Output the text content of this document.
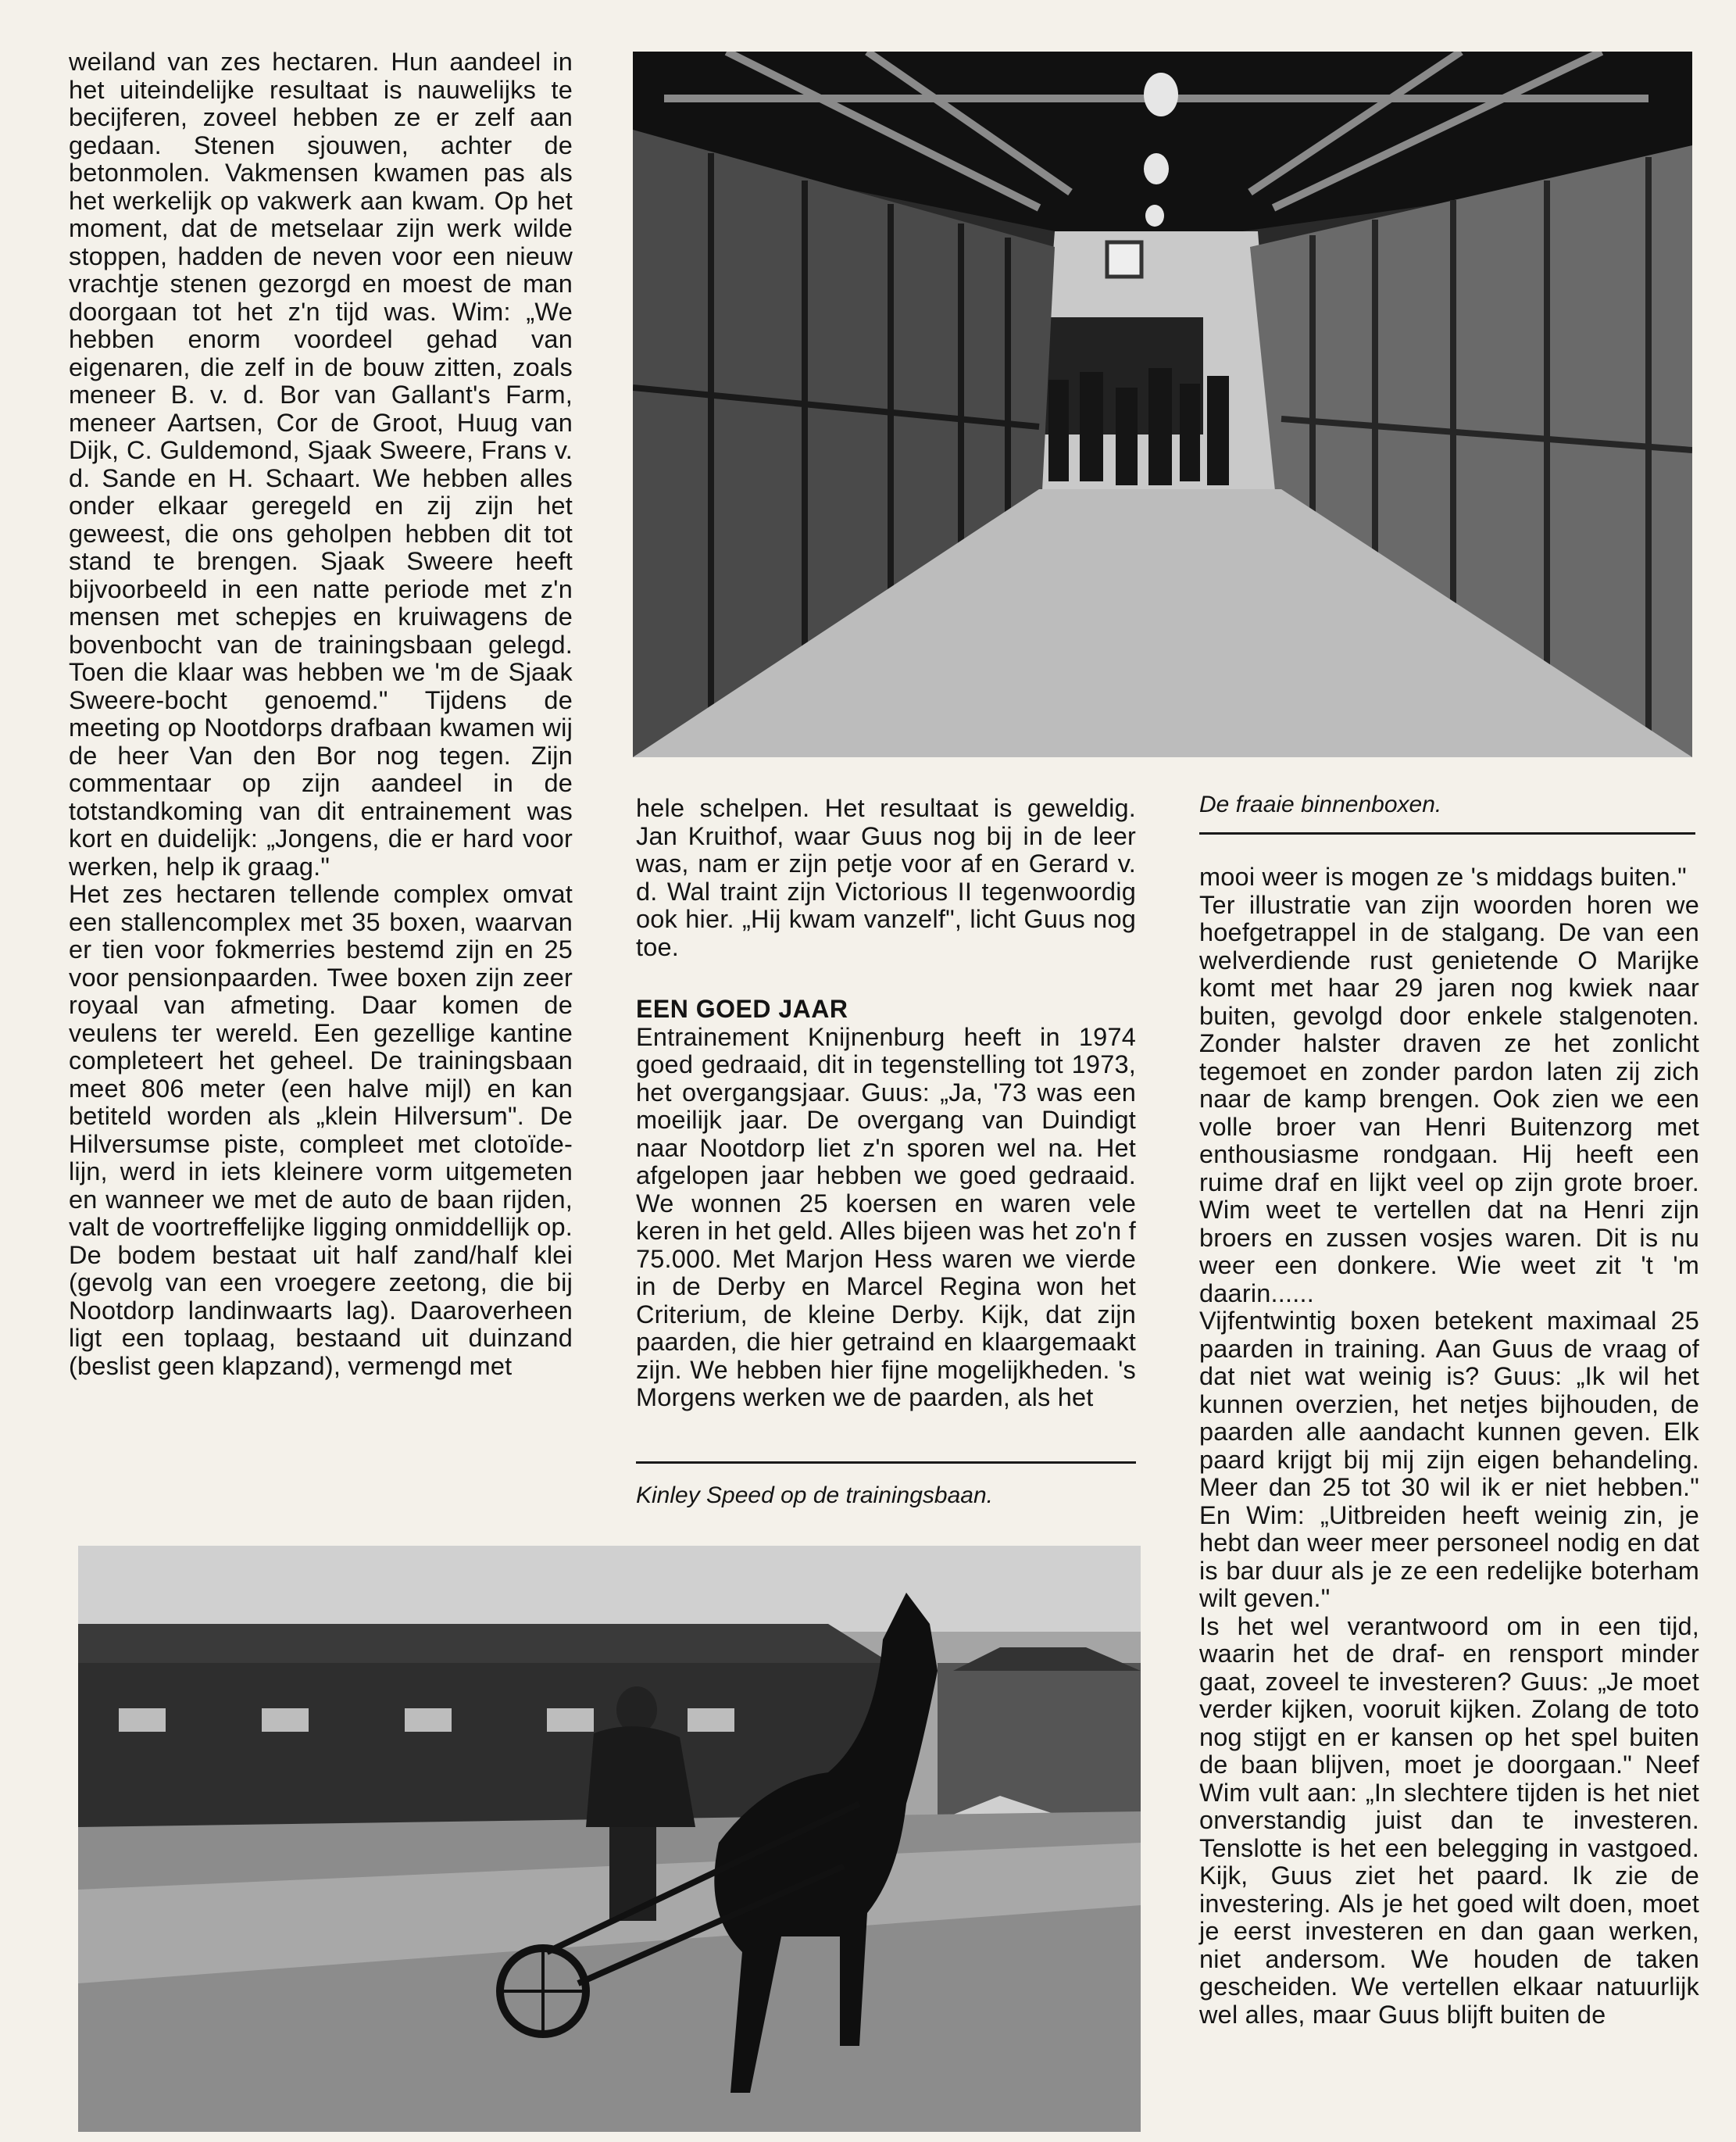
weiland van zes hectaren. Hun aandeel in het uiteindelijke resultaat is nauwelijks te becijferen, zoveel hebben ze er zelf aan gedaan. Stenen sjouwen, achter de betonmolen. Vakmensen kwamen pas als het werkelijk op vakwerk aan kwam. Op het moment, dat de metselaar zijn werk wilde stoppen, hadden de neven voor een nieuw vrachtje stenen gezorgd en moest de man doorgaan tot het z'n tijd was. Wim: „We hebben enorm voordeel gehad van eigenaren, die zelf in de bouw zitten, zoals meneer B. v. d. Bor van Gallant's Farm, meneer Aartsen, Cor de Groot, Huug van Dijk, C. Guldemond, Sjaak Sweere, Frans v. d. Sande en H. Schaart. We hebben alles onder elkaar geregeld en zij zijn het geweest, die ons geholpen hebben dit tot stand te brengen. Sjaak Sweere heeft bijvoorbeeld in een natte periode met z'n mensen met schepjes en kruiwagens de bovenbocht van de trainingsbaan gelegd. Toen die klaar was hebben we 'm de Sjaak Sweere-bocht genoemd." Tijdens de meeting op Nootdorps drafbaan kwamen wij de heer Van den Bor nog tegen. Zijn commentaar op zijn aandeel in de totstandkoming van dit entrainement was kort en duidelijk: „Jongens, die er hard voor werken, help ik graag."

Het zes hectaren tellende complex omvat een stallencomplex met 35 boxen, waarvan er tien voor fokmerries bestemd zijn en 25 voor pensionpaarden. Twee boxen zijn zeer royaal van afmeting. Daar komen de veulens ter wereld. Een gezellige kantine completeert het geheel. De trainingsbaan meet 806 meter (een halve mijl) en kan betiteld worden als „klein Hilversum". De Hilversumse piste, compleet met clotoïde-lijn, werd in iets kleinere vorm uitgemeten en wanneer we met de auto de baan rijden, valt de voortreffelijke ligging onmiddellijk op. De bodem bestaat uit half zand/half klei (gevolg van een vroegere zeetong, die bij Nootdorp landinwaarts lag). Daaroverheen ligt een toplaag, bestaand uit duinzand (beslist geen klapzand), vermengd met

De fraaie binnenboxen.

hele schelpen. Het resultaat is geweldig. Jan Kruithof, waar Guus nog bij in de leer was, nam er zijn petje voor af en Gerard v. d. Wal traint zijn Victorious II tegenwoordig ook hier. „Hij kwam vanzelf", licht Guus nog toe.

EEN GOED JAAR

Entrainement Knijnenburg heeft in 1974 goed gedraaid, dit in tegenstelling tot 1973, het overgangsjaar. Guus: „Ja, '73 was een moeilijk jaar. De overgang van Duindigt naar Nootdorp liet z'n sporen wel na. Het afgelopen jaar hebben we goed gedraaid. We wonnen 25 koersen en waren vele keren in het geld. Alles bijeen was het zo'n f 75.000. Met Marjon Hess waren we vierde in de Derby en Marcel Regina won het Criterium, de kleine Derby. Kijk, dat zijn paarden, die hier getraind en klaargemaakt zijn. We hebben hier fijne mogelijkheden. 's Morgens werken we de paarden, als het

Kinley Speed op de trainingsbaan.

mooi weer is mogen ze 's middags buiten."

Ter illustratie van zijn woorden horen we hoefgetrappel in de stalgang. De van een welverdiende rust genietende O Marijke komt met haar 29 jaren nog kwiek naar buiten, gevolgd door enkele stalgenoten. Zonder halster draven ze het zonlicht tegemoet en zonder pardon laten zij zich naar de kamp brengen. Ook zien we een volle broer van Henri Buitenzorg met enthousiasme rondgaan. Hij heeft een ruime draf en lijkt veel op zijn grote broer. Wim weet te vertellen dat na Henri zijn broers en zussen vosjes waren. Dit is nu weer een donkere. Wie weet zit 't 'm daarin......

Vijfentwintig boxen betekent maximaal 25 paarden in training. Aan Guus de vraag of dat niet wat weinig is? Guus: „Ik wil het kunnen overzien, het netjes bijhouden, de paarden alle aandacht kunnen geven. Elk paard krijgt bij mij zijn eigen behandeling. Meer dan 25 tot 30 wil ik er niet hebben." En Wim: „Uitbreiden heeft weinig zin, je hebt dan weer meer personeel nodig en dat is bar duur als je ze een redelijke boterham wilt geven."

Is het wel verantwoord om in een tijd, waarin het de draf- en rensport minder gaat, zoveel te investeren? Guus: „Je moet verder kijken, vooruit kijken. Zolang de toto nog stijgt en er kansen op het spel buiten de baan blijven, moet je doorgaan." Neef Wim vult aan: „In slechtere tijden is het niet onverstandig juist dan te investeren. Tenslotte is het een belegging in vastgoed. Kijk, Guus ziet het paard. Ik zie de investering. Als je het goed wilt doen, moet je eerst investeren en dan gaan werken, niet andersom. We houden de taken gescheiden. We vertellen elkaar natuurlijk wel alles, maar Guus blijft buiten de
